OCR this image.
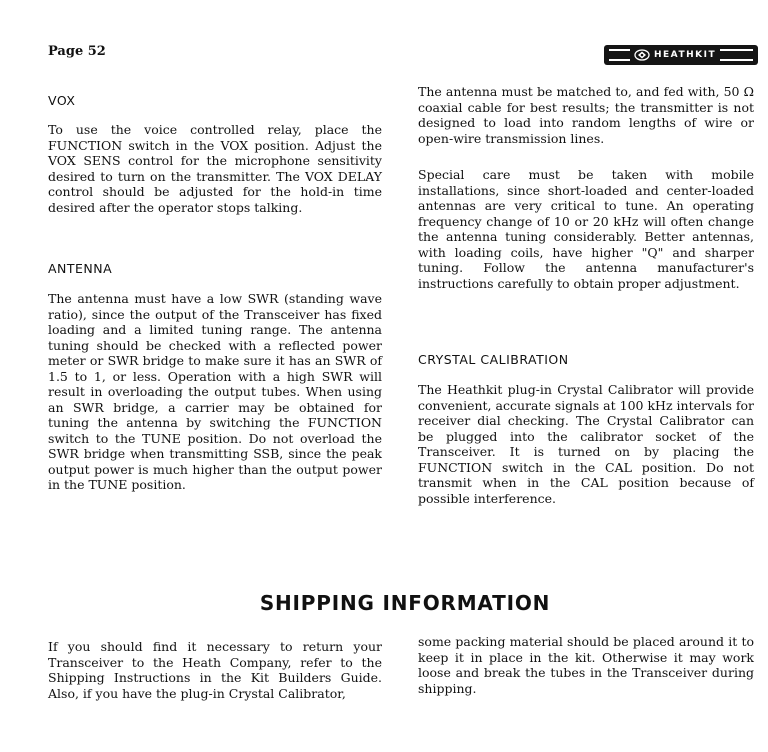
Page 52	HEATHKIT
VOX

To use the voice controlled relay, place the FUNCTION switch in the VOX position. Adjust the VOX SENS control for the microphone sensitivity desired to turn on the transmitter. The VOX DELAY control should be adjusted for the hold-in time desired after the operator stops talking.

ANTENNA

The antenna must have a low SWR (standing wave ratio), since the output of the Transceiver has fixed loading and a limited tuning range. The antenna tuning should be checked with a reflected power meter or SWR bridge to make sure it has an SWR of 1.5 to 1, or less. Operation with a high SWR will result in overloading the output tubes. When using an SWR bridge, a carrier may be obtained for tuning the antenna by switching the FUNCTION switch to the TUNE position. Do not overload the SWR bridge when transmitting SSB, since the peak output power is much higher than the output power in the TUNE position.

The antenna must be matched to, and fed with, 50 Ω coaxial cable for best results; the transmitter is not designed to load into random lengths of wire or open-wire transmission lines.

Special care must be taken with mobile installations, since short-loaded and center-loaded antennas are very critical to tune. An operating frequency change of 10 or 20 kHz will often change the antenna tuning considerably. Better antennas, with loading coils, have higher "Q" and sharper tuning. Follow the antenna manufacturer's instructions carefully to obtain proper adjustment.

CRYSTAL CALIBRATION

The Heathkit plug-in Crystal Calibrator will provide convenient, accurate signals at 100 kHz intervals for receiver dial checking. The Crystal Calibrator can be plugged into the calibrator socket of the Transceiver. It is turned on by placing the FUNCTION switch in the CAL position. Do not transmit when in the CAL position because of possible interference.

SHIPPING INFORMATION

If you should find it necessary to return your Transceiver to the Heath Company, refer to the Shipping Instructions in the Kit Builders Guide. Also, if you have the plug-in Crystal Calibrator,

some packing material should be placed around it to keep it in place in the kit. Otherwise it may work loose and break the tubes in the Transceiver during shipping.
